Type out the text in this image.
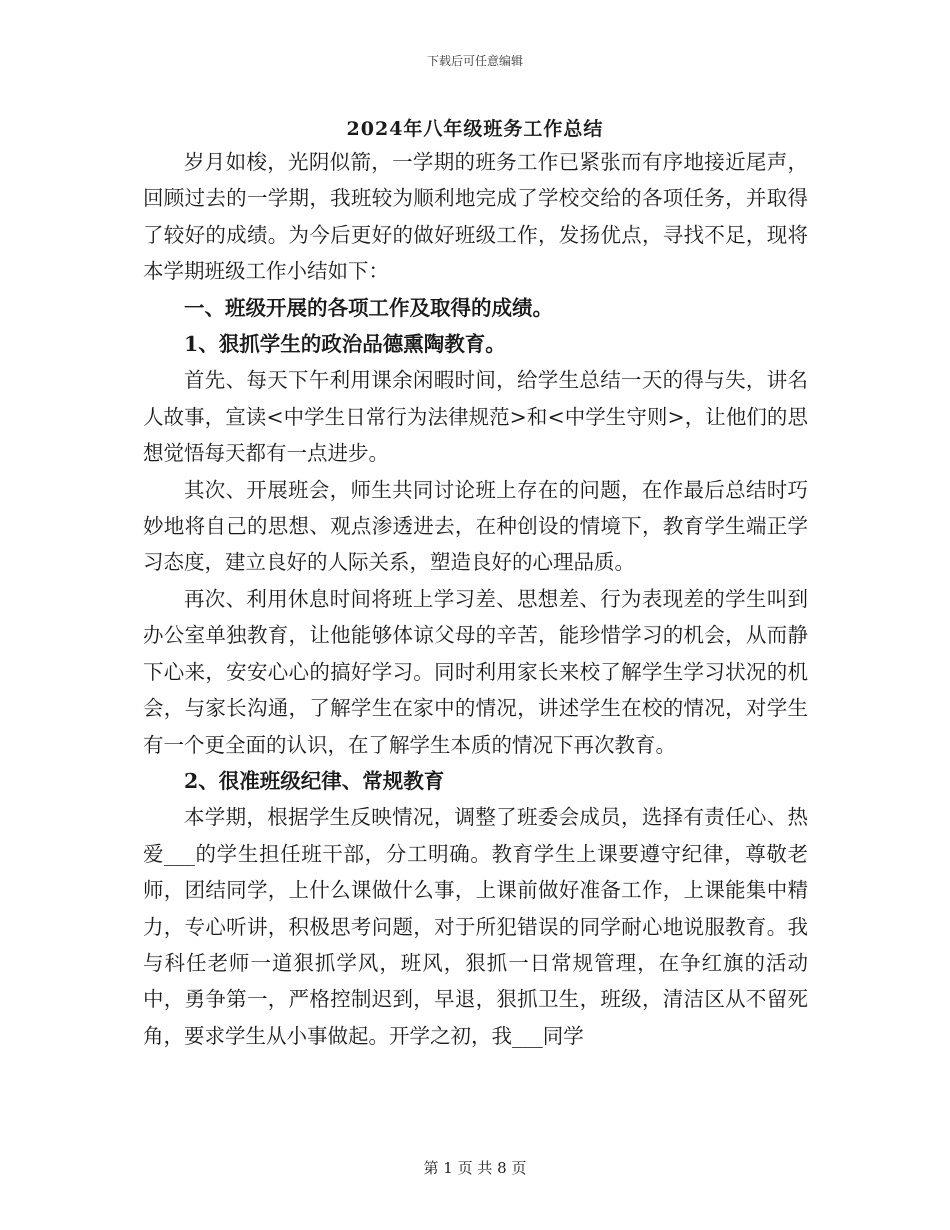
下载后可任意编辑
2024年八年级班务工作总结

岁月如梭，光阴似箭，一学期的班务工作已紧张而有序地接近尾声，回顾过去的一学期，我班较为顺利地完成了学校交给的各项任务，并取得了较好的成绩。为今后更好的做好班级工作，发扬优点，寻找不足，现将本学期班级工作小结如下：

一、班级开展的各项工作及取得的成绩。

1、狠抓学生的政治品德熏陶教育。

首先、每天下午利用课余闲暇时间，给学生总结一天的得与失，讲名人故事，宣读<中学生日常行为法律规范>和<中学生守则>，让他们的思想觉悟每天都有一点进步。

其次、开展班会，师生共同讨论班上存在的问题，在作最后总结时巧妙地将自己的思想、观点渗透进去，在种创设的情境下，教育学生端正学习态度，建立良好的人际关系，塑造良好的心理品质。

再次、利用休息时间将班上学习差、思想差、行为表现差的学生叫到办公室单独教育，让他能够体谅父母的辛苦，能珍惜学习的机会，从而静下心来，安安心心的搞好学习。同时利用家长来校了解学生学习状况的机会，与家长沟通，了解学生在家中的情况，讲述学生在校的情况，对学生有一个更全面的认识，在了解学生本质的情况下再次教育。

2、很准班级纪律、常规教育

本学期，根据学生反映情况，调整了班委会成员，选择有责任心、热爱___的学生担任班干部，分工明确。教育学生上课要遵守纪律，尊敬老师，团结同学，上什么课做什么事，上课前做好准备工作，上课能集中精力，专心听讲，积极思考问题，对于所犯错误的同学耐心地说服教育。我与科任老师一道狠抓学风，班风，狠抓一日常规管理，在争红旗的活动中，勇争第一，严格控制迟到，早退，狠抓卫生，班级，清洁区从不留死角，要求学生从小事做起。开学之初，我___同学

第 1 页 共 8 页
